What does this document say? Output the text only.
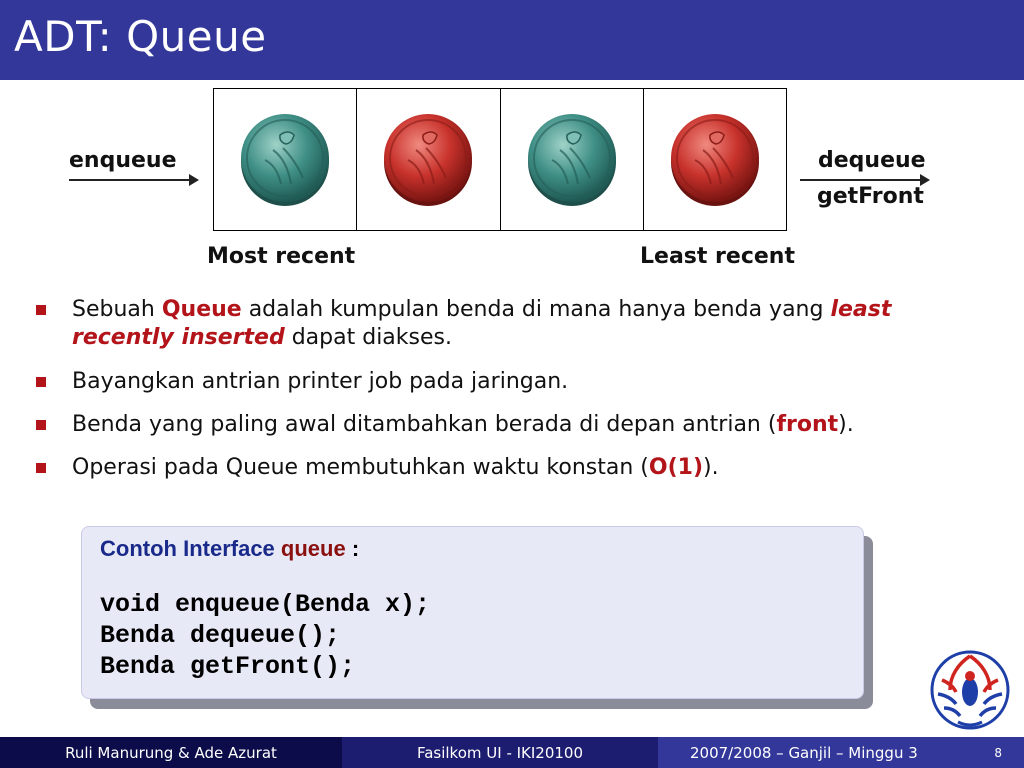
ADT: Queue
enqueue	dequeue
getFront
Most recent	Least recent
Sebuah Queue adalah kumpulan benda di mana hanya benda yang least recently inserted dapat diakses.
Bayangkan antrian printer job pada jaringan.
Benda yang paling awal ditambahkan berada di depan antrian (front).
Operasi pada Queue membutuhkan waktu konstan (O(1)).
Contoh Interface queue :
void enqueue(Benda x);
Benda dequeue();
Benda getFront();
Ruli Manurung & Ade Azurat	Fasilkom UI - IKI20100	2007/2008 – Ganjil – Minggu 3	8
